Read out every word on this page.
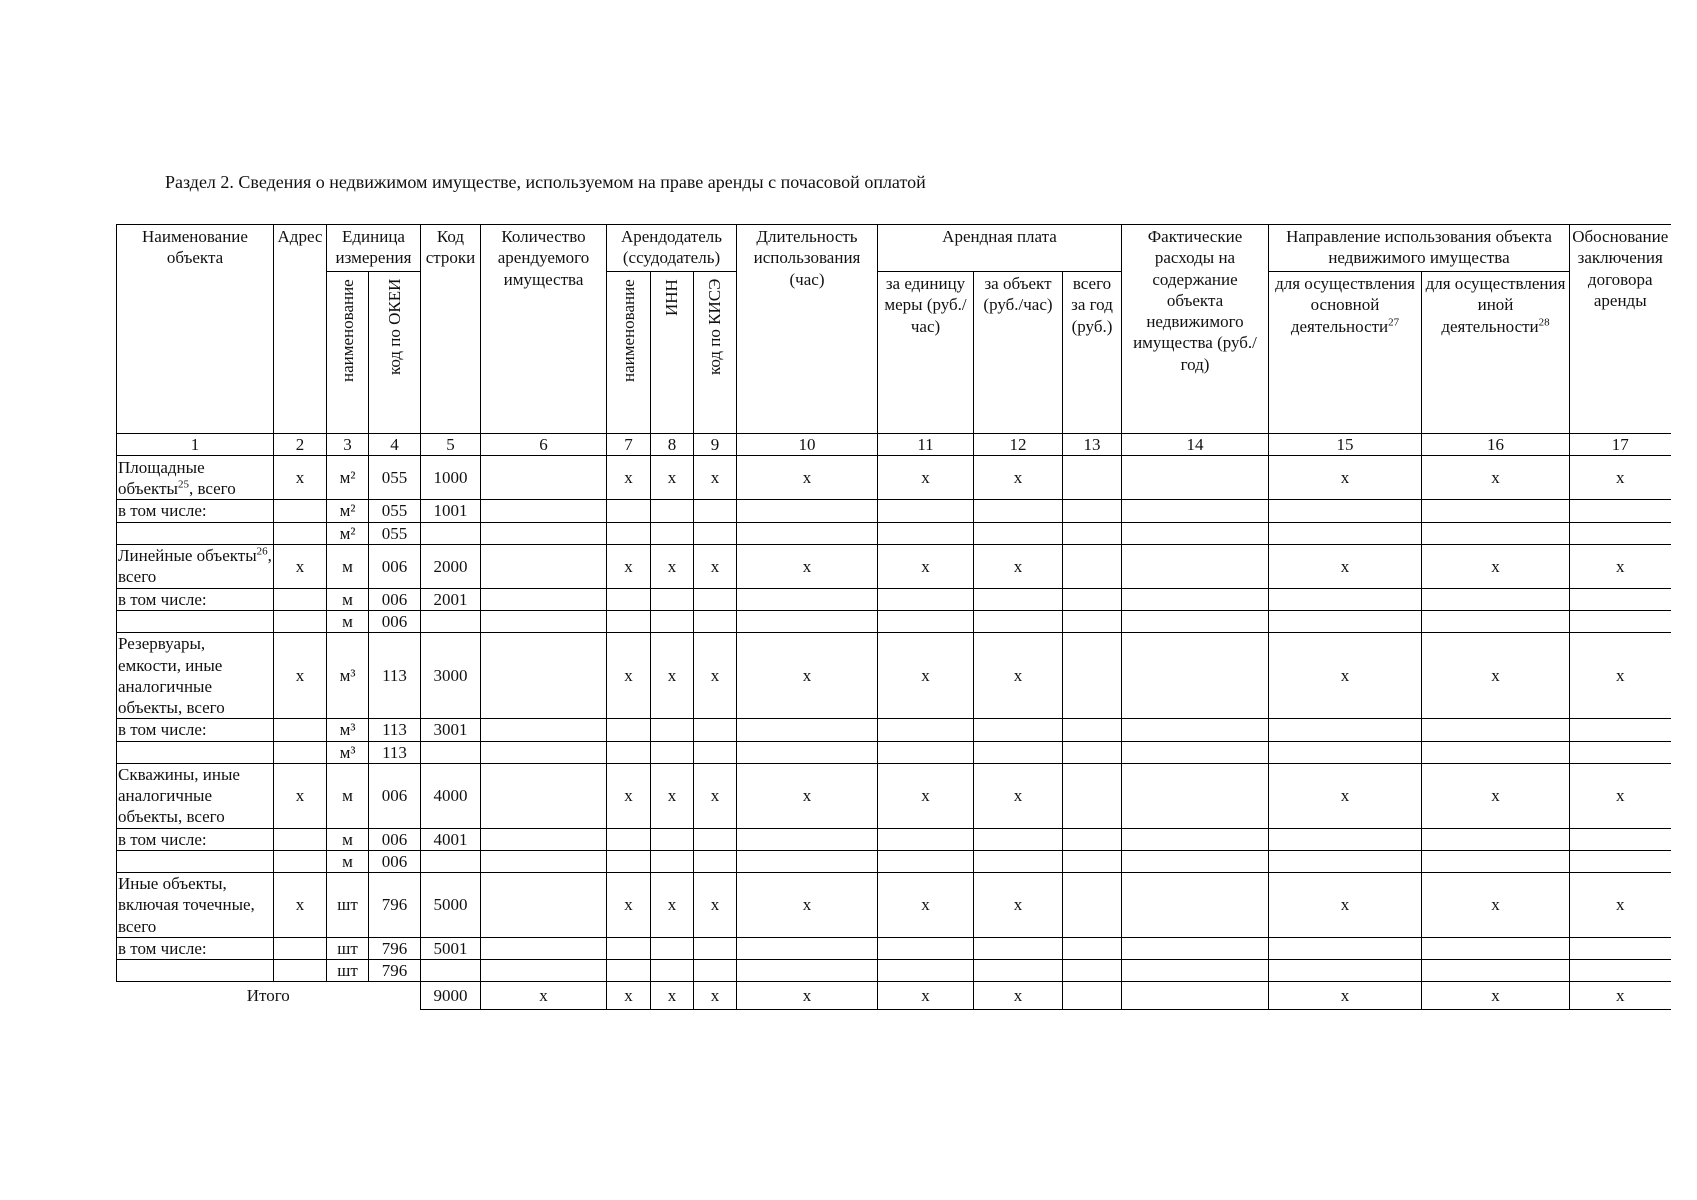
Раздел 2. Сведения о недвижимом имуществе, используемом на праве аренды с почасовой оплатой
Наименование объекта	Адрес	Единица измерения		Код строки	Количество арендуемого имущества	Арендодатель (ссудодатель)			Длительность использования (час)	Арендная плата			Фактические расходы на содержание объекта недвижимого имущества (руб./год)	Направление использования объекта недвижимого имущества		Обоснование заключения договора аренды

		наименование	код по ОКЕИ			наименование	ИНН	код по КИСЭ		за единицу меры (руб./час)	за объект (руб./час)	всего за год (руб.)		для осуществления основной деятельности$^{27}$	для осуществления иной деятельности$^{28}$
1	2	3	4	5	6	7	8	9	10	11	12	13	14	15	16	17
Площадные объекты$^{25}$, всего	х	м²	055	1000		х	х	х	х	х	х			х	х	х
в том числе:		м²	055	1001												
		м²	055													
Линейные объекты$^{26}$, всего	х	м	006	2000		х	х	х	х	х	х			х	х	х
в том числе:		м	006	2001												
		м	006													
Резервуары, емкости, иные аналогичные объекты, всего	х	м³	113	3000		х	х	х	х	х	х			х	х	х
в том числе:		м³	113	3001												
		м³	113													
Скважины, иные аналогичные объекты, всего	х	м	006	4000		х	х	х	х	х	х			х	х	х
в том числе:		м	006	4001												
		м	006													
Иные объекты, включая точечные, всего	х	шт	796	5000		х	х	х	х	х	х			х	х	х
в том числе:		шт	796	5001												
		шт	796													
Итого				9000	х	х	х	х	х	х	х			х	х	х
